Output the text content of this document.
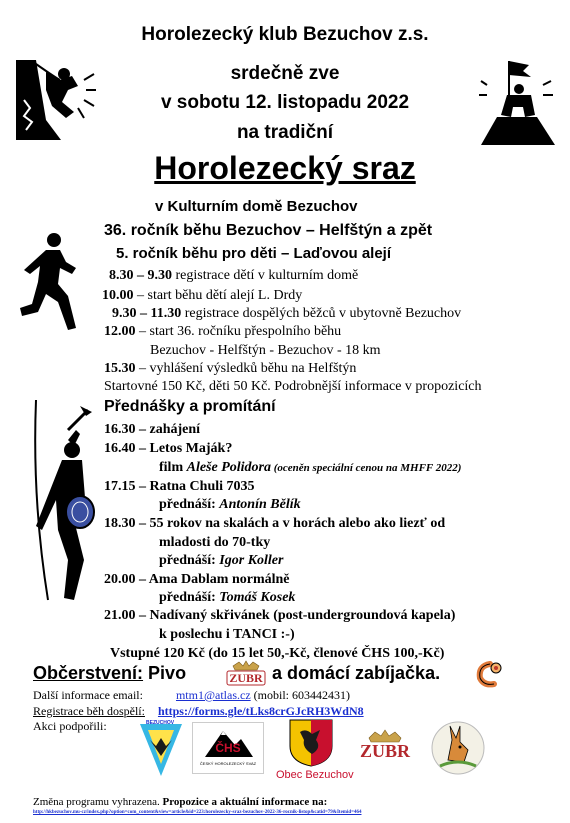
Horolezecký klub Bezuchov z.s.
srdečně zve
v sobotu 12. listopadu 2022
na tradiční
Horolezecký sraz
v Kulturním domě Bezuchov
36. ročník běhu Bezuchov – Helfštýn a zpět
5. ročník běhu pro děti – Laďovou alejí
8.30 – 9.30 registrace dětí v kulturním domě
10.00 – start běhu dětí alejí L. Drdy
9.30 – 11.30 registrace dospělých běžců v ubytovně Bezuchov
12.00 – start 36. ročníku přespolního běhu
Bezuchov - Helfštýn - Bezuchov - 18 km
15.30 – vyhlášení výsledků běhu na Helfštýn
Startovné 150 Kč, děti 50 Kč. Podrobnější informace v propozicích
Přednášky a promítání
16.30 – zahájení
16.40 – Letos Maják?
film Aleše Polidora (oceněn speciální cenou na MHFF 2022)
17.15 – Ratna Chuli 7035
přednáší: Antonín Bělík
18.30 – 55 rokov na skalách a v horách alebo ako liezť od
mladosti do 70-tky
přednáší: Igor Koller
20.00 – Ama Dablam normálně
přednáší: Tomáš Kosek
21.00 – Nadívaný skřivánek (post-undergroundová kapela)
k poslechu i TANCI :-)
Vstupné 120 Kč (do 15 let 50,-Kč, členové ČHS 100,-Kč)
Občerstvení: Pivo	ZUBR a domácí zabíjačka.
Další informace email:	mtm1@atlas.cz (mobil: 603442431)
Registrace běh dospělí: https://forms.gle/tLks8crGJcRH3WdN8
Akci podpořili:	BEZUCHOV
ČHS
ČESKÝ HOROLEZECKÝ SVAZ
Obec Bezuchov
ZUBR
Změna programu vyhrazena. Propozice a aktuální informace na:
http://hkbezuchov.mu-cz/index.php?option=com_content&view=article&id=223:horolezecky-sraz-bezuchov-2022-36-rocnik-listop&catid=79&Itemid=464
